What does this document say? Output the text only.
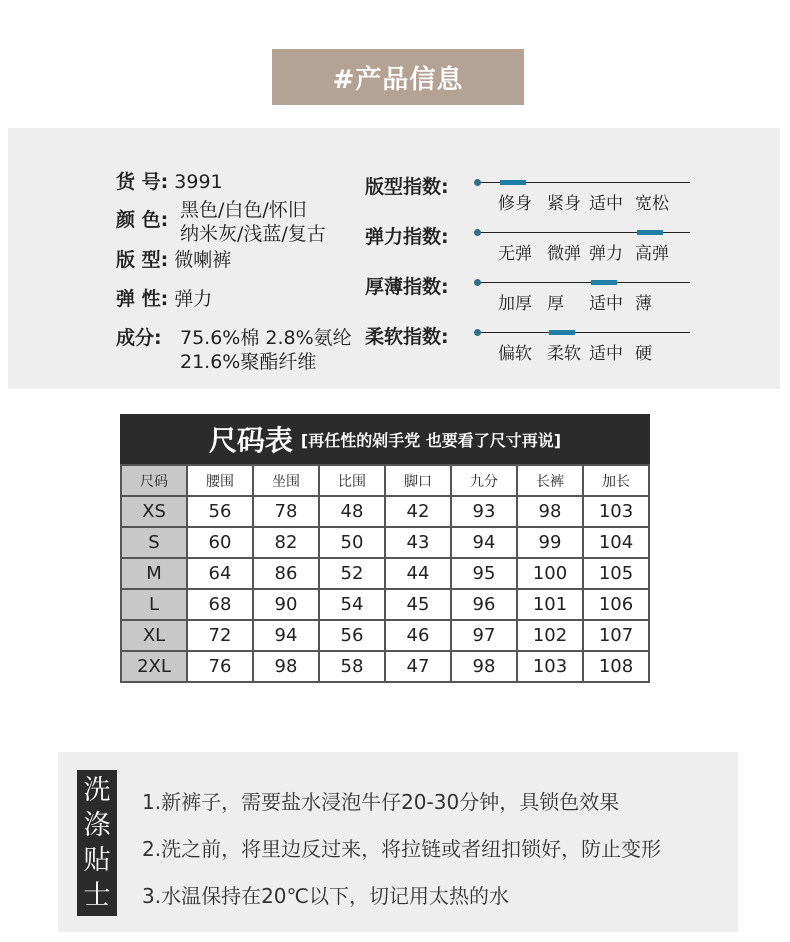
#产品信息
货 号: 3991
颜 色: 黑色/白色/怀旧
纳米灰/浅蓝/复古
版 型: 微喇裤
弹 性: 弹力
成分: 75.6%棉 2.8%氨纶
21.6%聚酯纤维
版型指数:
修身 紧身 适中 宽松
弹力指数:
无弹 微弹 弹力 高弹
厚薄指数:
加厚 厚 适中 薄
柔软指数:
偏软 柔软 适中 硬
尺码表 [再任性的剁手党 也要看了尺寸再说]
尺码	腰围	坐围	比围	脚口	九分	长裤	加长
XS	56	78	48	42	93	98	103
S	60	82	50	43	94	99	104
M	64	86	52	44	95	100	105
L	68	90	54	45	96	101	106
XL	72	94	56	46	97	102	107
2XL	76	98	58	47	98	103	108
洗
涤
贴
士
1.新裤子，需要盐水浸泡牛仔20-30分钟，具锁色效果
2.洗之前，将里边反过来，将拉链或者纽扣锁好，防止变形
3.水温保持在20℃以下，切记用太热的水
